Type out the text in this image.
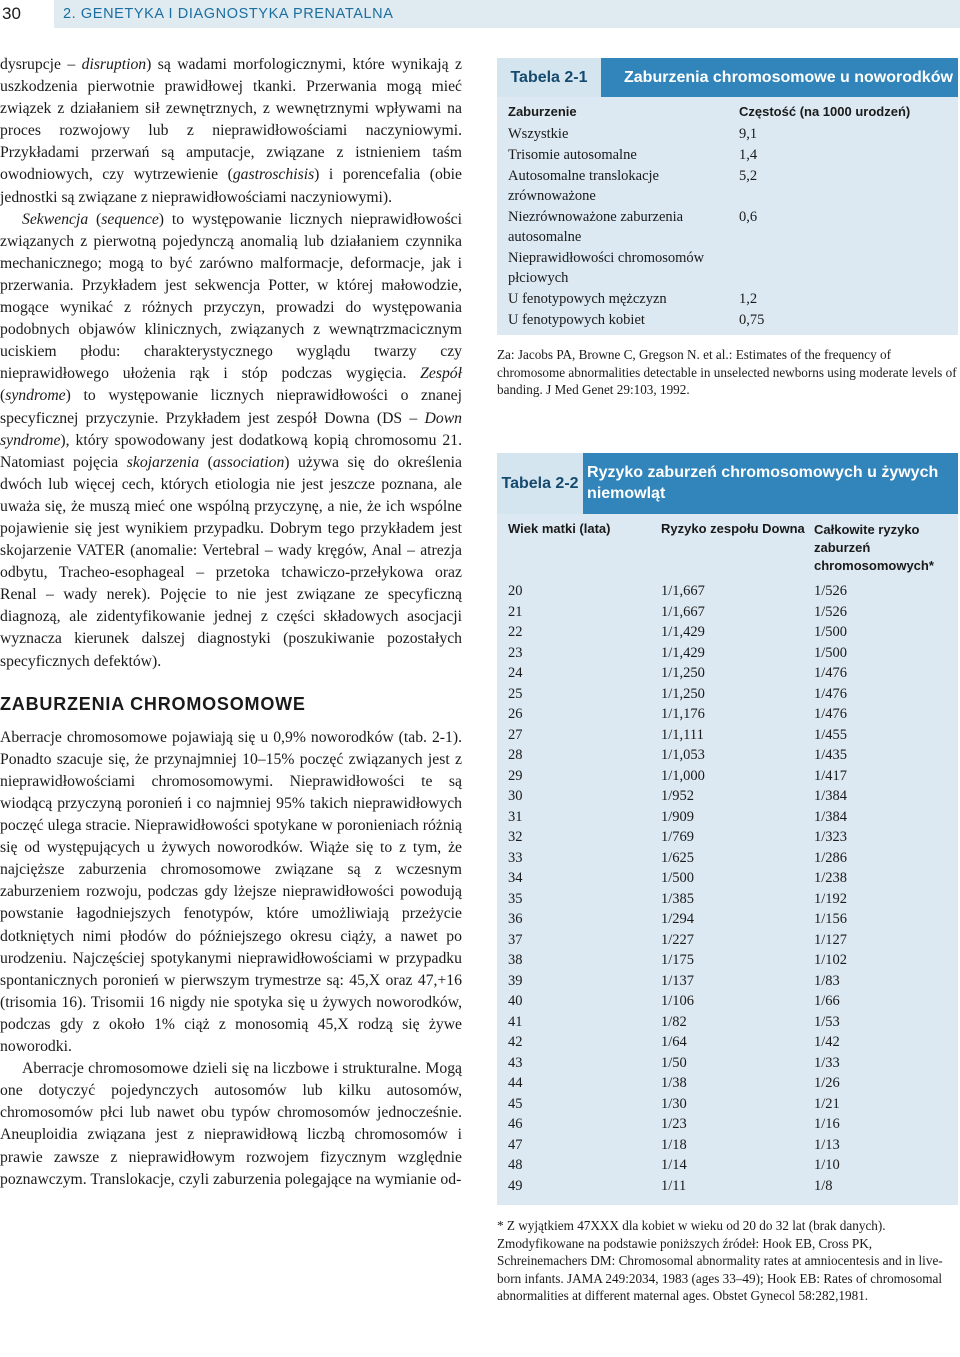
30	2. GENETYKA I DIAGNOSTYKA PRENATALNA

dysrupcje – disruption) są wadami morfologicznymi, które wynikają z uszkodzenia pierwotnie prawidłowej tkanki. Przerwania mogą mieć związek z działaniem sił zewnętrznych, z wewnętrznymi wpływami na proces rozwojowy lub z nieprawidłowościami naczyniowymi. Przykładami przerwań są amputacje, związane z istnieniem taśm owodniowych, czy wytrzewienie (gastroschisis) i porencefalia (obie jednostki są związane z nieprawidłowościami naczyniowymi).

Sekwencja (sequence) to występowanie licznych nieprawidłowości związanych z pierwotną pojedynczą anomalią lub działaniem czynnika mechanicznego; mogą to być zarówno malformacje, deformacje, jak i przerwania. Przykładem jest sekwencja Potter, w której małowodzie, mogące wynikać z różnych przyczyn, prowadzi do występowania podobnych objawów klinicznych, związanych z wewnątrzmacicznym uciskiem płodu: charakterystycznego wyglądu twarzy czy nieprawidłowego ułożenia rąk i stóp podczas wygięcia. Zespół (syndrome) to występowanie licznych nieprawidłowości o znanej specyficznej przyczynie. Przykładem jest zespół Downa (DS – Down syndrome), który spowodowany jest dodatkową kopią chromosomu 21. Natomiast pojęcia skojarzenia (association) używa się do określenia dwóch lub więcej cech, których etiologia nie jest jeszcze poznana, ale uważa się, że muszą mieć one wspólną przyczynę, a nie, że ich wspólne pojawienie się jest wynikiem przypadku. Dobrym tego przykładem jest skojarzenie VATER (anomalie: Vertebral – wady kręgów, Anal – atrezja odbytu, Tracheo-esophageal – przetoka tchawiczo-przełykowa oraz Renal – wady nerek). Pojęcie to nie jest związane ze specyficzną diagnozą, ale zidentyfikowanie jednej z części składowych asocjacji wyznacza kierunek dalszej diagnostyki (poszukiwanie pozostałych specyficznych defektów).

ZABURZENIA CHROMOSOMOWE

Aberracje chromosomowe pojawiają się u 0,9% noworodków (tab. 2-1). Ponadto szacuje się, że przynajmniej 10–15% poczęć związanych jest z nieprawidłowościami chromosomowymi. Nieprawidłowości te są wiodącą przyczyną poronień i co najmniej 95% takich nieprawidłowych poczęć ulega stracie. Nieprawidłowości spotykane w poronieniach różnią się od występujących u żywych noworodków. Wiąże się to z tym, że najcięższe zaburzenia chromosomowe związane są z wczesnym zaburzeniem rozwoju, podczas gdy lżejsze nieprawidłowości powodują powstanie łagodniejszych fenotypów, które umożliwiają przeżycie dotkniętych nimi płodów do późniejszego okresu ciąży, a nawet po urodzeniu. Najczęściej spotykanymi nieprawidłowościami w przypadku spontanicznych poronień w pierwszym trymestrze są: 45,X oraz 47,+16 (trisomia 16). Trisomii 16 nigdy nie spotyka się u żywych noworodków, podczas gdy z około 1% ciąż z monosomią 45,X rodzą się żywe noworodki.

Aberracje chromosomowe dzieli się na liczbowe i strukturalne. Mogą one dotyczyć pojedynczych autosomów lub kilku autosomów, chromosomów płci lub nawet obu typów chromosomów jednocześnie. Aneuploidia związana jest z nieprawidłową liczbą chromosomów i prawie zawsze z nieprawidłowym rozwojem fizycznym względnie poznawczym. Translokacje, czyli zaburzenia polegające na wymianie od-

Tabela 2-1	Zaburzenia chromosomowe u noworodków
Zaburzenie	Częstość (na 1000 urodzeń)
Wszystkie	9,1
Trisomie autosomalne	1,4
Autosomalne translokacje zrównoważone	5,2
Niezrównoważone zaburzenia autosomalne	0,6
Nieprawidłowości chromosomów płciowych	
U fenotypowych mężczyzn	1,2
U fenotypowych kobiet	0,75
Za: Jacobs PA, Browne C, Gregson N. et al.: Estimates of the frequency of chromosome abnormalities detectable in unselected newborns using moderate levels of banding. J Med Genet 29:103, 1992.
Tabela 2-2
Ryzyko zaburzeń chromosomowych u żywych niemowląt
Wiek matki (lata)	Ryzyko zespołu Downa	Całkowite ryzyko zaburzeń chromosomowych*
20	1/1,667	1/526
21	1/1,667	1/526
22	1/1,429	1/500
23	1/1,429	1/500
24	1/1,250	1/476
25	1/1,250	1/476
26	1/1,176	1/476
27	1/1,111	1/455
28	1/1,053	1/435
29	1/1,000	1/417
30	1/952	1/384
31	1/909	1/384
32	1/769	1/323
33	1/625	1/286
34	1/500	1/238
35	1/385	1/192
36	1/294	1/156
37	1/227	1/127
38	1/175	1/102
39	1/137	1/83
40	1/106	1/66
41	1/82	1/53
42	1/64	1/42
43	1/50	1/33
44	1/38	1/26
45	1/30	1/21
46	1/23	1/16
47	1/18	1/13
48	1/14	1/10
49	1/11	1/8
* Z wyjątkiem 47XXX dla kobiet w wieku od 20 do 32 lat (brak danych). Zmodyfikowane na podstawie poniższych źródeł: Hook EB, Cross PK, Schreinemachers DM: Chromosomal abnormality rates at amniocentesis and in live-born infants. JAMA 249:2034, 1983 (ages 33–49); Hook EB: Rates of chromosomal abnormalities at different maternal ages. Obstet Gynecol 58:282,1981.
